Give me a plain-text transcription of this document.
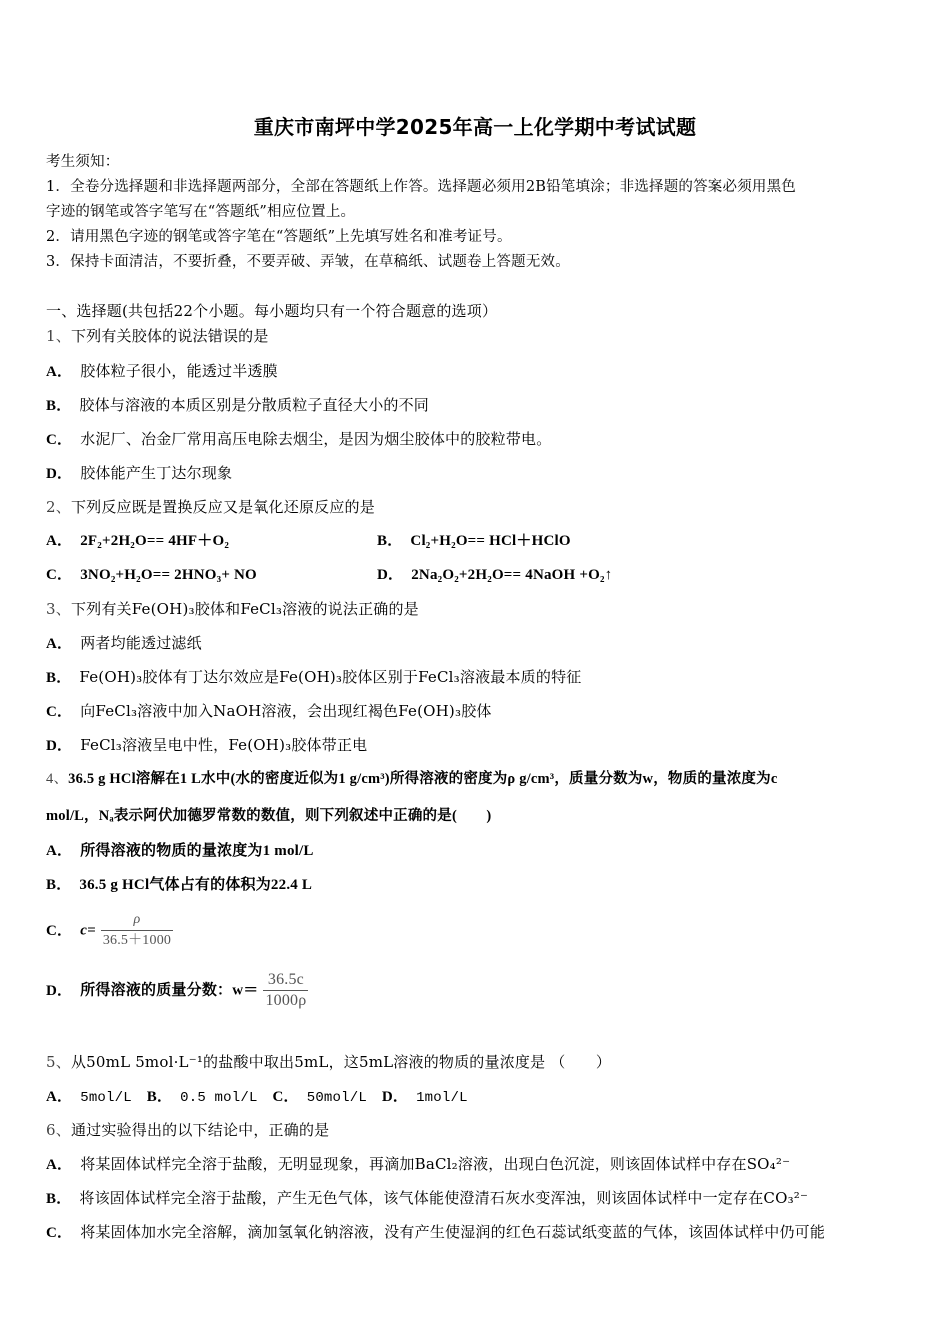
重庆市南坪中学2025年高一上化学期中考试试题
考生须知：
1．全卷分选择题和非选择题两部分，全部在答题纸上作答。选择题必须用2B铅笔填涂；非选择题的答案必须用黑色
字迹的钢笔或答字笔写在“答题纸”相应位置上。
2．请用黑色字迹的钢笔或答字笔在“答题纸”上先填写姓名和准考证号。
3．保持卡面清洁，不要折叠，不要弄破、弄皱，在草稿纸、试题卷上答题无效。
一、选择题(共包括22个小题。每小题均只有一个符合题意的选项）
1、下列有关胶体的说法错误的是
A． 胶体粒子很小，能透过半透膜
B． 胶体与溶液的本质区别是分散质粒子直径大小的不同
C． 水泥厂、冶金厂常用高压电除去烟尘，是因为烟尘胶体中的胶粒带电。
D． 胶体能产生丁达尔现象
2、下列反应既是置换反应又是氧化还原反应的是
A． 2F₂+2H₂O== 4HF＋O₂	B． Cl₂+H₂O== HCl＋HClO
C． 3NO₂+H₂O== 2HNO₃+ NO	D． 2Na₂O₂+2H₂O== 4NaOH +O₂↑
3、下列有关Fe(OH)₃胶体和FeCl₃溶液的说法正确的是
A． 两者均能透过滤纸
B． Fe(OH)₃胶体有丁达尔效应是Fe(OH)₃胶体区别于FeCl₃溶液最本质的特征
C． 向FeCl₃溶液中加入NaOH溶液，会出现红褐色Fe(OH)₃胶体
D． FeCl₃溶液呈电中性，Fe(OH)₃胶体带正电
4、36.5 g HCl溶解在1 L水中(水的密度近似为1 g/cm³)所得溶液的密度为ρ g/cm³，质量分数为w，物质的量浓度为c
mol/L，Nₐ表示阿伏加德罗常数的数值，则下列叙述中正确的是(　　)
A． 所得溶液的物质的量浓度为1 mol/L
B． 36.5 g HCl气体占有的体积为22.4 L
C． $c= \frac{\rho}{36.5+1000}$
D． 所得溶液的质量分数：$w= \frac{36.5c}{1000\rho}$
5、从50mL 5mol·L⁻¹的盐酸中取出5mL，这5mL溶液的物质的量浓度是 （　　）
A． 5mol/L B． 0.5 mol/L C． 50mol/L D． 1mol/L
6、通过实验得出的以下结论中，正确的是
A． 将某固体试样完全溶于盐酸，无明显现象，再滴加BaCl₂溶液，出现白色沉淀，则该固体试样中存在SO₄²⁻
B． 将该固体试样完全溶于盐酸，产生无色气体，该气体能使澄清石灰水变浑浊，则该固体试样中一定存在CO₃²⁻
C． 将某固体加水完全溶解，滴加氢氧化钠溶液，没有产生使湿润的红色石蕊试纸变蓝的气体，该固体试样中仍可能
